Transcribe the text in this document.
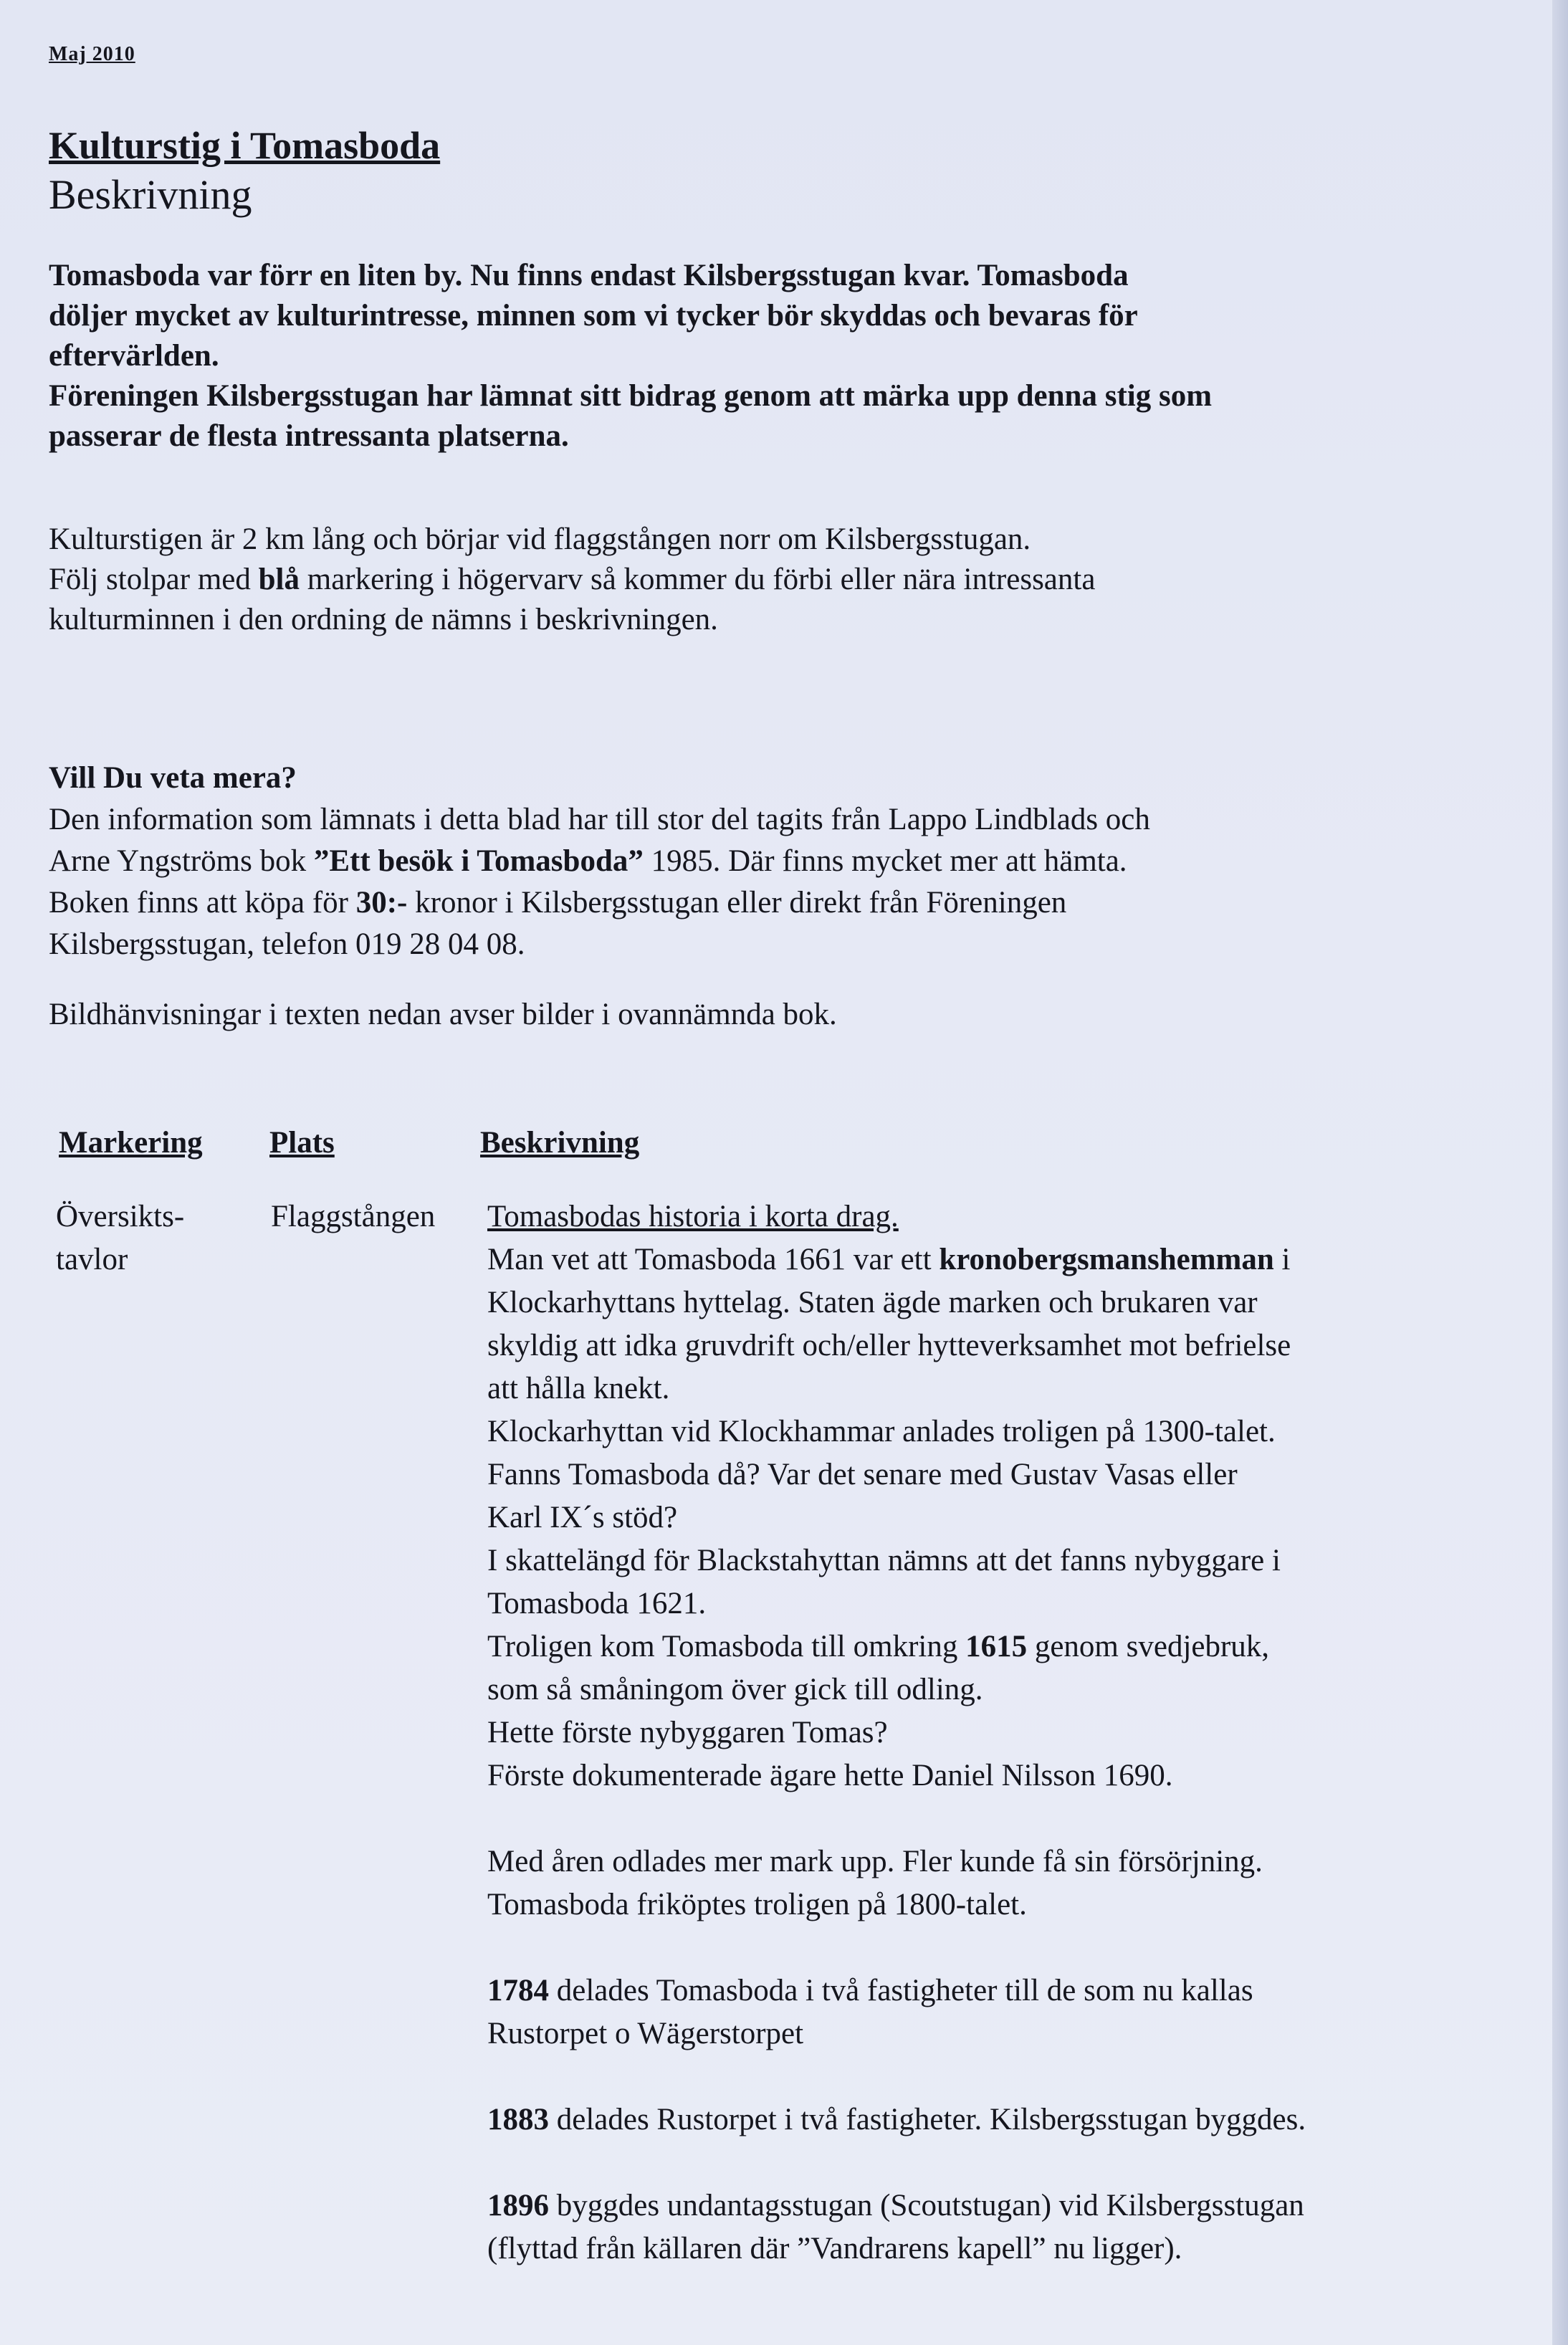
Maj 2010
Kulturstig i Tomasboda
Beskrivning

Tomasboda var förr en liten by. Nu finns endast Kilsbergsstugan kvar. Tomasboda

döljer mycket av kulturintresse, minnen som vi tycker bör skyddas och bevaras för

eftervärlden.

Föreningen Kilsbergsstugan har lämnat sitt bidrag genom att märka upp denna stig som

passerar de flesta intressanta platserna.

Kulturstigen är 2 km lång och börjar vid flaggstången norr om Kilsbergsstugan.

Följ stolpar med blå markering i högervarv så kommer du förbi eller nära intressanta

kulturminnen i den ordning de nämns i beskrivningen.

Vill Du veta mera?

Den information som lämnats i detta blad har till stor del tagits från Lappo Lindblads och

Arne Yngströms bok ”Ett besök i Tomasboda” 1985. Där finns mycket mer att hämta.

Boken finns att köpa för 30:- kronor i Kilsbergsstugan eller direkt från Föreningen

Kilsbergsstugan, telefon 019 28 04 08.

Bildhänvisningar i texten nedan avser bilder i ovannämnda bok.
Markering Plats	Beskrivning
Översikts-
tavlor
Flaggstången	Tomasbodas historia i korta drag.

Man vet att Tomasboda 1661 var ett kronobergsmanshemman i

Klockarhyttans hyttelag. Staten ägde marken och brukaren var

skyldig att idka gruvdrift och/eller hytteverksamhet mot befrielse

att hålla knekt.

Klockarhyttan vid Klockhammar anlades troligen på 1300-talet.

Fanns Tomasboda då? Var det senare med Gustav Vasas eller

Karl IX´s stöd?

I skattelängd för Blackstahyttan nämns att det fanns nybyggare i

Tomasboda 1621.

Troligen kom Tomasboda till omkring 1615 genom svedjebruk,

som så småningom över gick till odling.

Hette förste nybyggaren Tomas?

Förste dokumenterade ägare hette Daniel Nilsson 1690.

Med åren odlades mer mark upp. Fler kunde få sin försörjning.

Tomasboda friköptes troligen på 1800-talet.

1784 delades Tomasboda i två fastigheter till de som nu kallas

Rustorpet o Wägerstorpet

1883 delades Rustorpet i två fastigheter. Kilsbergsstugan byggdes.

1896 byggdes undantagsstugan (Scoutstugan) vid Kilsbergsstugan

(flyttad från källaren där ”Vandrarens kapell” nu ligger).
